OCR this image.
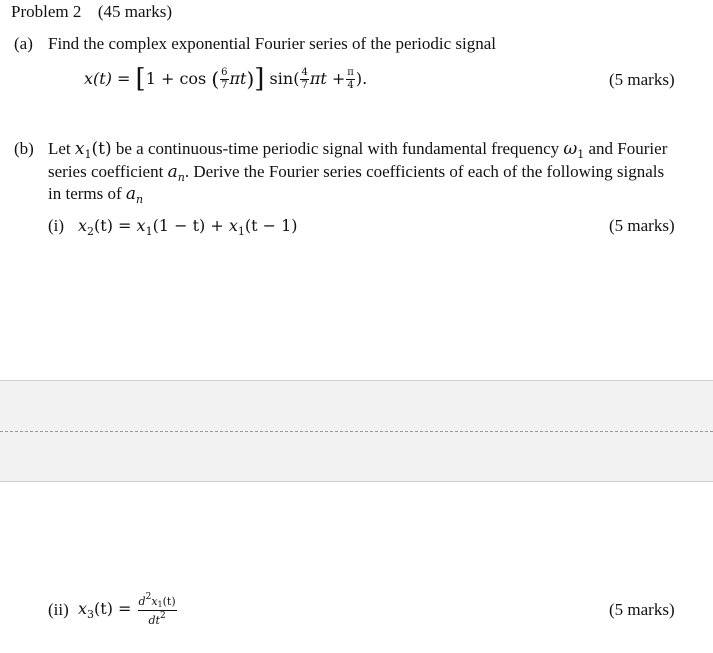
Problem 2 (45 marks)
(a) Find the complex exponential Fourier series of the periodic signal
x(t) = [1 + cos ( $\frac{6}{7} \pi t$)] $\sin( \frac{4}{7}$ $\pi t + \frac{\pi}{4}$ ).	(5 marks)
(b) Let $x_1(t)$ be a continuous-time periodic signal with fundamental frequency $\omega_1$ and Fourier
series coefficient $a_n$. Derive the Fourier series coefficients of each of the following signals
in terms of $a_n$
(i) $x_2(t) = x_1(1 - t) + x_1(t - 1)$	(5 marks)
(ii) $x_3(t) = \frac{d^2x_1(t)}{dt^2}$	(5 marks)
